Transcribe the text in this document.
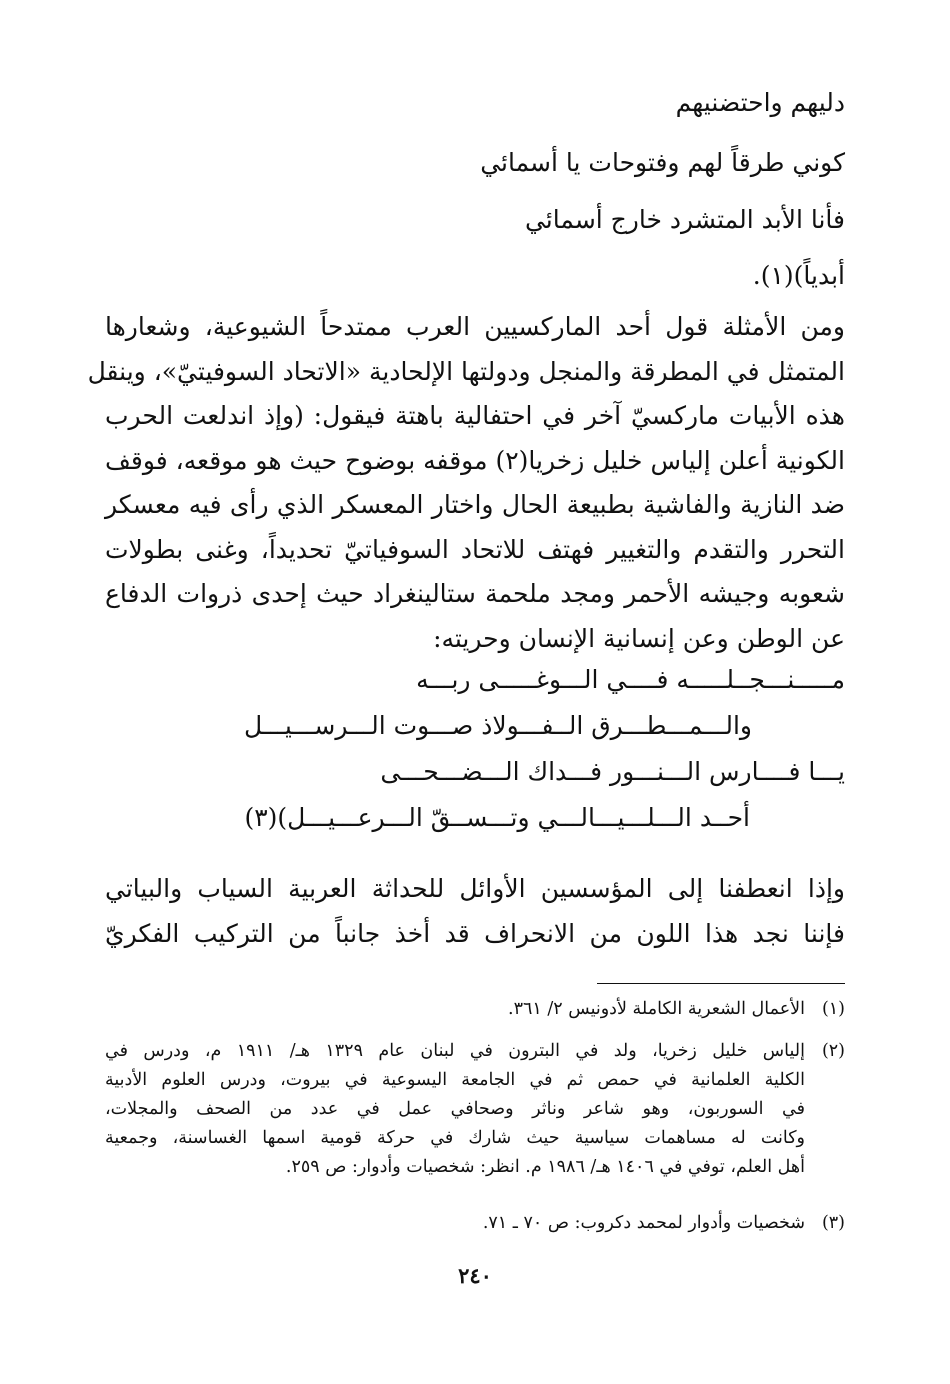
دليهم واحتضنيهم
كوني طرقاً لهم وفتوحات يا أسمائي
فأنا الأبد المتشرد خارج أسمائي
أبدياً)(١).
ومن الأمثلة قول أحد الماركسيين العرب ممتدحاً الشيوعية، وشعارها
المتمثل في المطرقة والمنجل ودولتها الإلحادية «الاتحاد السوفيتيّ»، وينقل
هذه الأبيات ماركسيّ آخر في احتفالية باهتة فيقول: (وإذ اندلعت الحرب
الكونية أعلن إلياس خليل زخريا(٢) موقفه بوضوح حيث هو موقعه، فوقف
ضد النازية والفاشية بطبيعة الحال واختار المعسكر الذي رأى فيه معسكر
التحرر والتقدم والتغيير فهتف للاتحاد السوفياتيّ تحديداً، وغنى بطولات
شعوبه وجيشه الأحمر ومجد ملحمة ستالينغراد حيث إحدى ذروات الدفاع
عن الوطن وعن إنسانية الإنسان وحريته:
مـــــنـــجــلـــــه فــــي الـــوغـــــى ربـــه
والـــمـــطـــرق الــفـــولاذ صـــوت الـــرســـيـــل
يـــا فــــارس الـــنـــور فـــداك الـــضـــحـــى
أحــد الـــلـــيـــالـــي وتـــســقّ الـــرعـــيـــل)(٣)
وإذا انعطفنا إلى المؤسسين الأوائل للحداثة العربية السياب والبياتي
فإننا نجد هذا اللون من الانحراف قد أخذ جانباً من التركيب الفكريّ
(١)
الأعمال الشعرية الكاملة لأدونيس ٢/ ٣٦١.
(٢)
إلياس خليل زخريا، ولد في البترون في لبنان عام ١٣٢٩ هـ/ ١٩١١ م، ودرس في
الكلية العلمانية في حمص ثم في الجامعة اليسوعية في بيروت، ودرس العلوم الأدبية
في السوربون، وهو شاعر وناثر وصحافي عمل في عدد من الصحف والمجلات،
وكانت له مساهمات سياسية حيث شارك في حركة قومية اسمها الغساسنة، وجمعية
أهل العلم، توفي في ١٤٠٦ هـ/ ١٩٨٦ م. انظر: شخصيات وأدوار: ص ٢٥٩.
(٣)
شخصيات وأدوار لمحمد دكروب: ص ٧٠ ـ ٧١.
٢٤٠
